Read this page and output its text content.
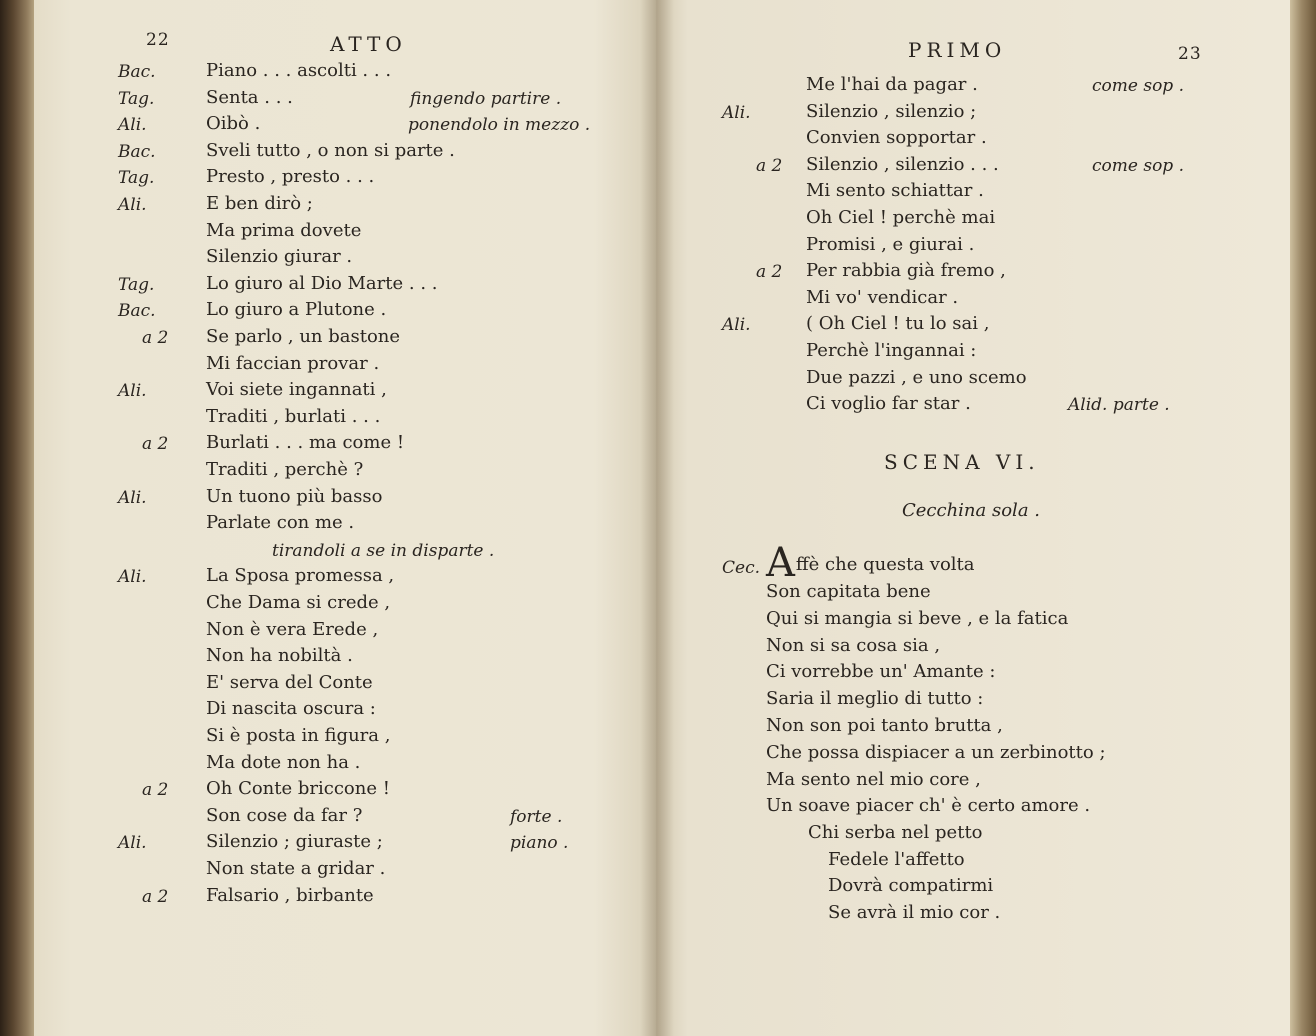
22	ATTO
Bac.	Piano . . . ascolti . . .
Tag.	Senta . . .	fingendo partire .
Ali.	Oibò .	ponendolo in mezzo .
Bac.	Sveli tutto , o non si parte .
Tag.	Presto , presto . . .
Ali.	E ben dirò ;
Ma prima dovete
Silenzio giurar .
Tag.	Lo giuro al Dio Marte . . .
Bac.	Lo giuro a Plutone .
a 2 Se parlo , un bastone
Mi faccian provar .
Ali.	Voi siete ingannati ,
Traditi , burlati . . .
a 2 Burlati . . . ma come !
Traditi , perchè ?
Ali.	Un tuono più basso
Parlate con me .
tirandoli a se in disparte .
Ali.	La Sposa promessa ,
Che Dama si crede ,
Non è vera Erede ,
Non ha nobiltà .
E' serva del Conte
Di nascita oscura :
Si è posta in figura ,
Ma dote non ha .
a 2 Oh Conte briccone !
Son cose da far ?	forte .
Ali.	Silenzio ; giuraste ;	piano .
Non state a gridar .
a 2 Falsario , birbante
PRIMO	23
Me l'hai da pagar .	come sop .
Ali.	Silenzio , silenzio ;
Convien sopportar .
a 2 Silenzio , silenzio . . .	come sop .
Mi sento schiattar .
Oh Ciel ! perchè mai
Promisi , e giurai .
a 2 Per rabbia già fremo ,
Mi vo' vendicar .
Ali.	( Oh Ciel ! tu lo sai ,
Perchè l'ingannai :
Due pazzi , e uno scemo
Ci voglio far star .	Alid. parte .
SCENA VI.
Cecchina sola .
Cec. Affè che questa volta
Son capitata bene
Qui si mangia si beve , e la fatica
Non si sa cosa sia ,
Ci vorrebbe un' Amante :
Saria il meglio di tutto :
Non son poi tanto brutta ,
Che possa dispiacer a un zerbinotto ;
Ma sento nel mio core ,
Un soave piacer ch' è certo amore .
Chi serba nel petto
Fedele l'affetto
Dovrà compatirmi
Se avrà il mio cor .
